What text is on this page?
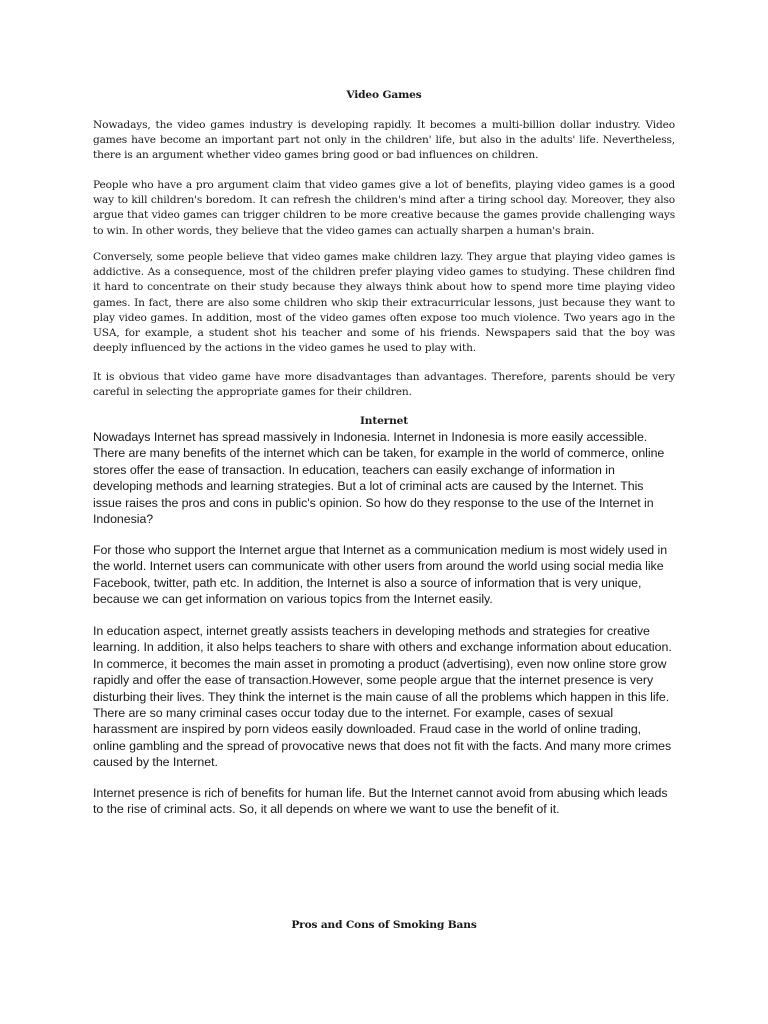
Video Games

Nowadays, the video games industry is developing rapidly. It becomes a multi-billion dollar industry. Video games have become an important part not only in the children' life, but also in the adults' life. Nevertheless, there is an argument whether video games bring good or bad influences on children.

People who have a pro argument claim that video games give a lot of benefits, playing video games is a good way to kill children's boredom. It can refresh the children's mind after a tiring school day. Moreover, they also argue that video games can trigger children to be more creative because the games provide challenging ways to win. In other words, they believe that the video games can actually sharpen a human's brain.

Conversely, some people believe that video games make children lazy. They argue that playing video games is addictive. As a consequence, most of the children prefer playing video games to studying. These children find it hard to concentrate on their study because they always think about how to spend more time playing video games. In fact, there are also some children who skip their extracurricular lessons, just because they want to play video games. In addition, most of the video games often expose too much violence. Two years ago in the USA, for example, a student shot his teacher and some of his friends. Newspapers said that the boy was deeply influenced by the actions in the video games he used to play with.

It is obvious that video game have more disadvantages than advantages. Therefore, parents should be very careful in selecting the appropriate games for their children.

Internet

Nowadays Internet has spread massively in Indonesia. Internet in Indonesia is more easily accessible. There are many benefits of the internet which can be taken, for example in the world of commerce, online stores offer the ease of transaction. In education, teachers can easily exchange of information in developing methods and learning strategies. But a lot of criminal acts are caused by the Internet. This issue raises the pros and cons in public's opinion. So how do they response to the use of the Internet in Indonesia?

For those who support the Internet argue that Internet as a communication medium is most widely used in the world. Internet users can communicate with other users from around the world using social media like Facebook, twitter, path etc. In addition, the Internet is also a source of information that is very unique, because we can get information on various topics from the Internet easily.

In education aspect, internet greatly assists teachers in developing methods and strategies for creative learning. In addition, it also helps teachers to share with others and exchange information about education. In commerce, it becomes the main asset in promoting a product (advertising), even now online store grow rapidly and offer the ease of transaction.However, some people argue that the internet presence is very disturbing their lives. They think the internet is the main cause of all the problems which happen in this life. There are so many criminal cases occur today due to the internet. For example, cases of sexual harassment are inspired by porn videos easily downloaded. Fraud case in the world of online trading, online gambling and the spread of provocative news that does not fit with the facts. And many more crimes caused by the Internet.

Internet presence is rich of benefits for human life. But the Internet cannot avoid from abusing which leads to the rise of criminal acts. So, it all depends on where we want to use the benefit of it.

Pros and Cons of Smoking Bans
